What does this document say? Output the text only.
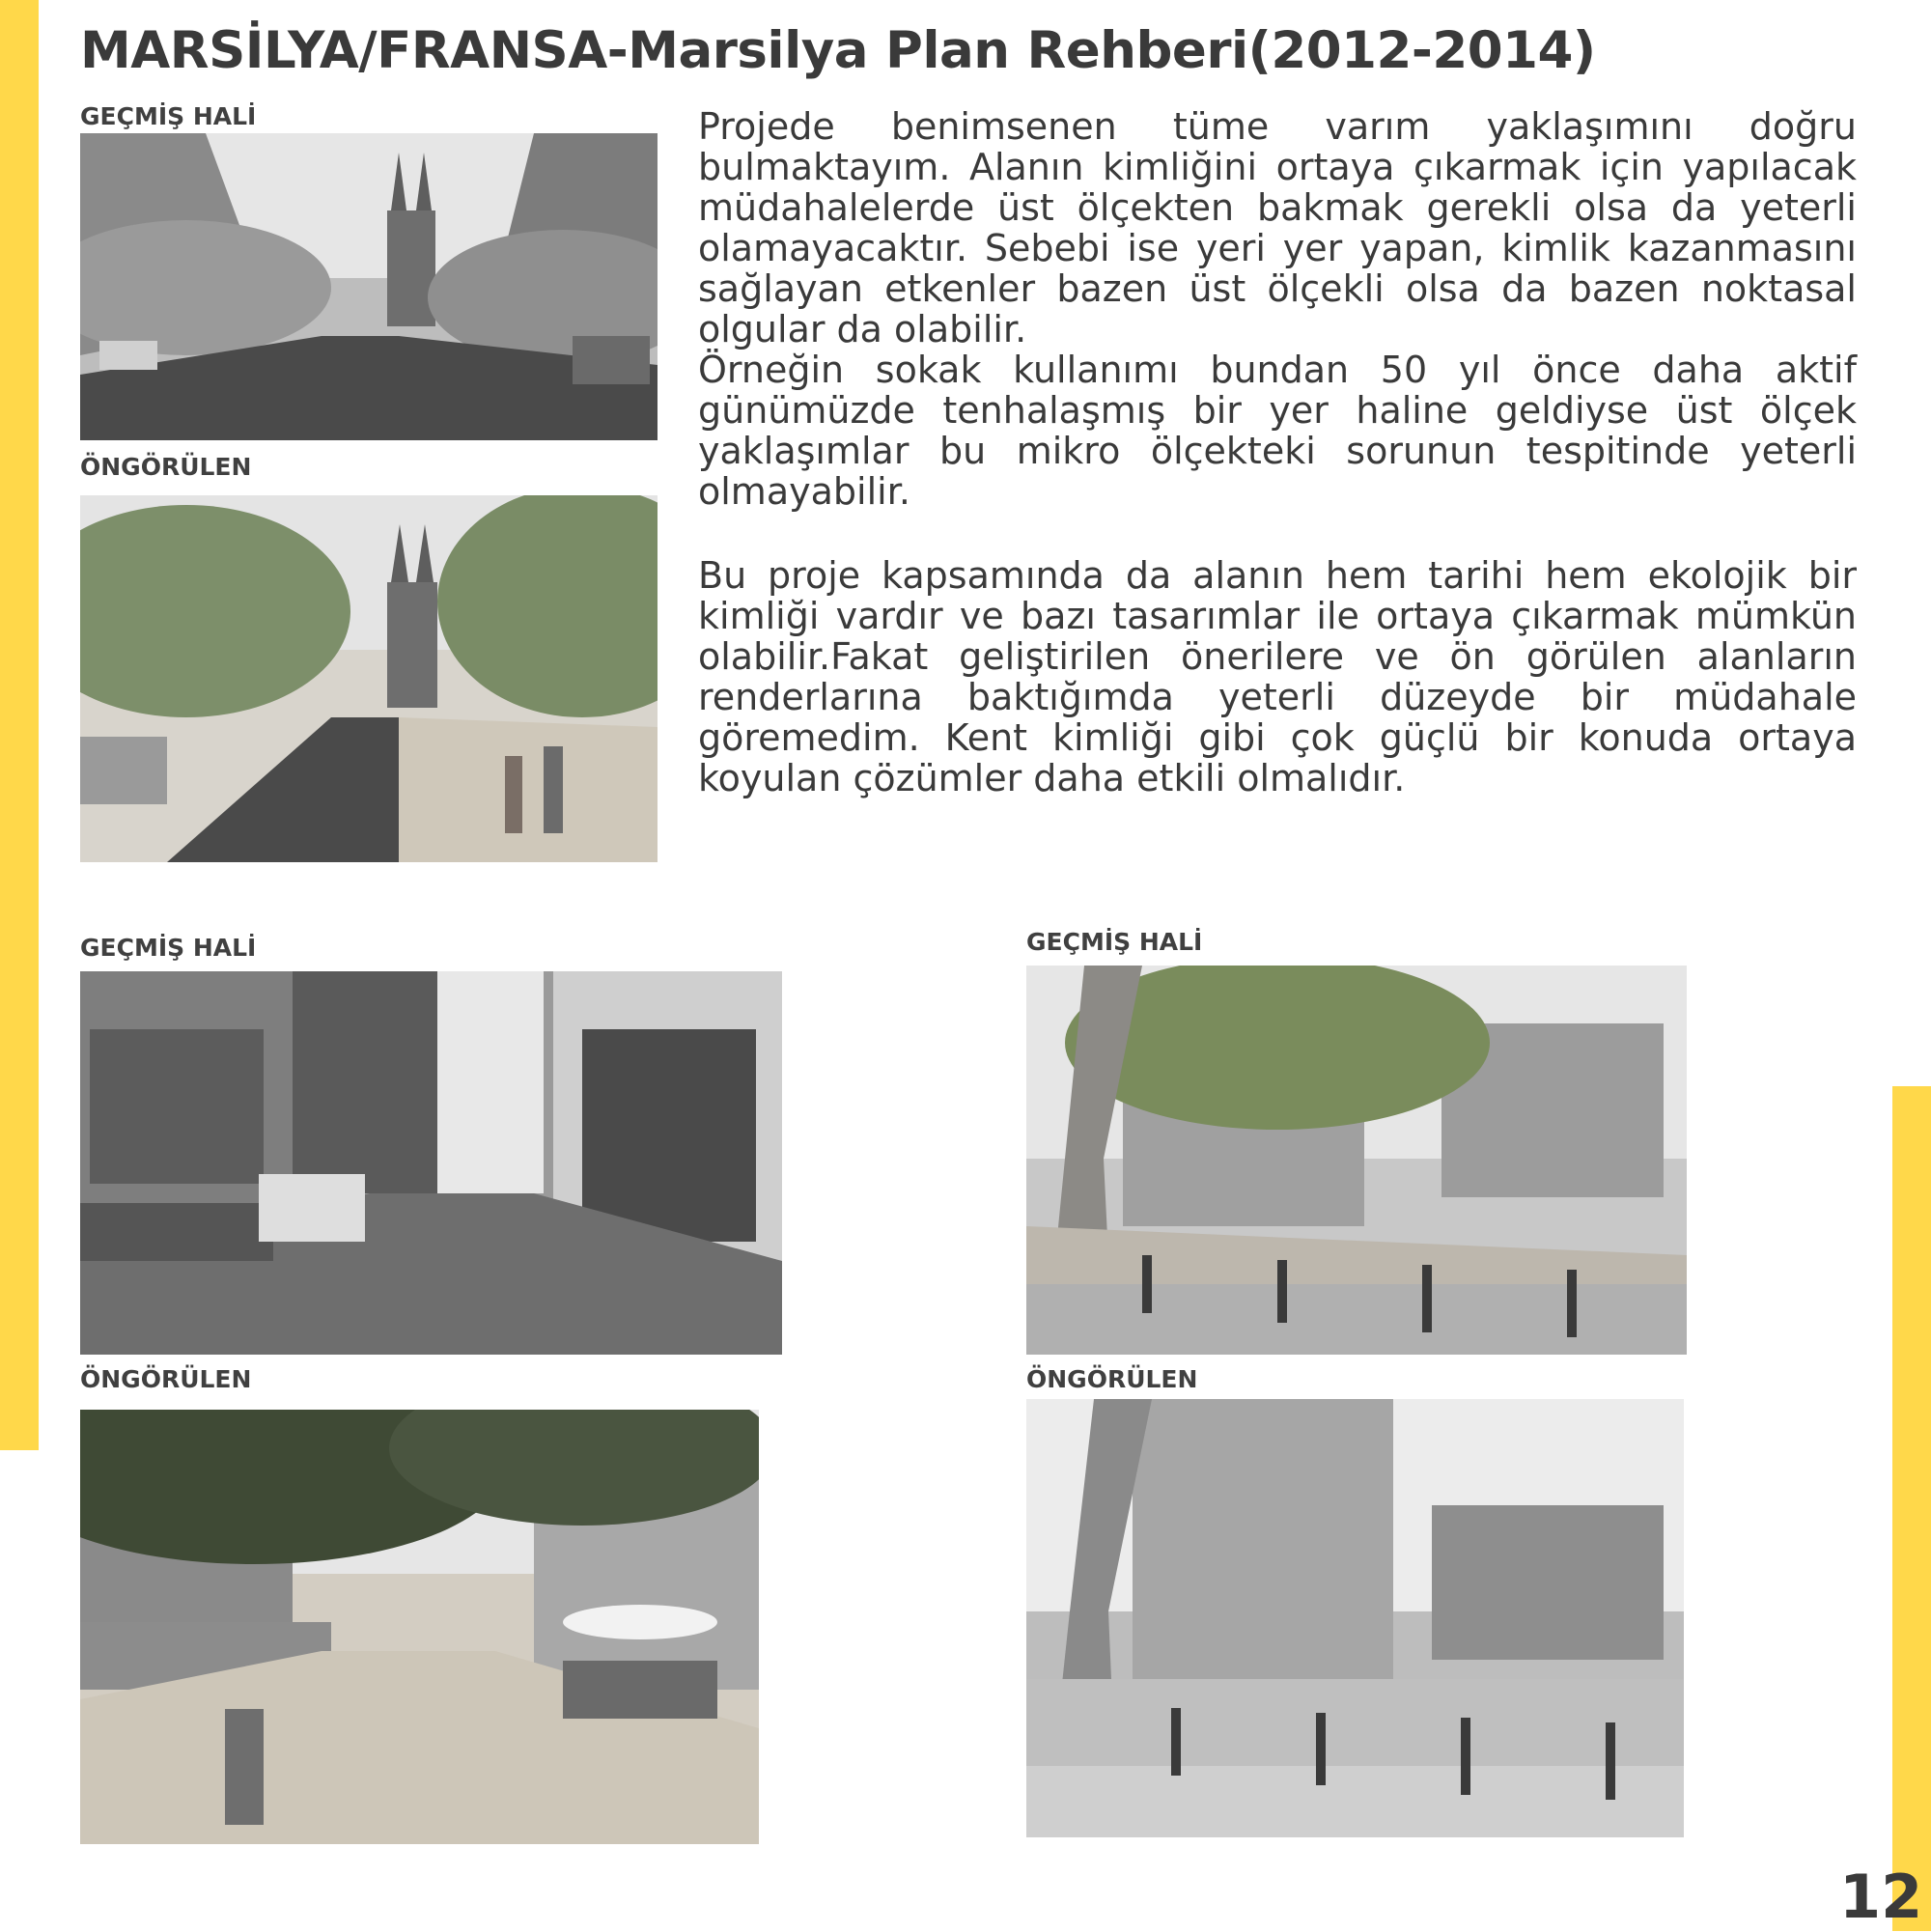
MARSİLYA/FRANSA-Marsilya Plan Rehberi(2012-2014)
GEÇMİŞ HALİ
ÖNGÖRÜLEN

Projede benimsenen tüme varım yaklaşımını doğru bulmaktayım. Alanın kimliğini ortaya çıkarmak için yapılacak müdahalelerde üst ölçekten bakmak gerekli olsa da yeterli olamayacaktır. Sebebi ise yeri yer yapan, kimlik kazanmasını sağlayan etkenler bazen üst ölçekli olsa da bazen noktasal olgular da olabilir.

Örneğin sokak kullanımı bundan 50 yıl önce daha aktif günümüzde tenhalaşmış bir yer haline geldiyse üst ölçek yaklaşımlar bu mikro ölçekteki sorunun tespitinde yeterli olmayabilir.

Bu proje kapsamında da alanın hem tarihi hem ekolojik bir kimliği vardır ve bazı tasarımlar ile ortaya çıkarmak mümkün olabilir.Fakat geliştirilen önerilere ve ön görülen alanların renderlarına baktığımda yeterli düzeyde bir müdahale göremedim. Kent kimliği gibi çok güçlü bir konuda ortaya koyulan çözümler daha etkili olmalıdır.

GEÇMİŞ HALİ
ÖNGÖRÜLEN
GEÇMİŞ HALİ
ÖNGÖRÜLEN
12
